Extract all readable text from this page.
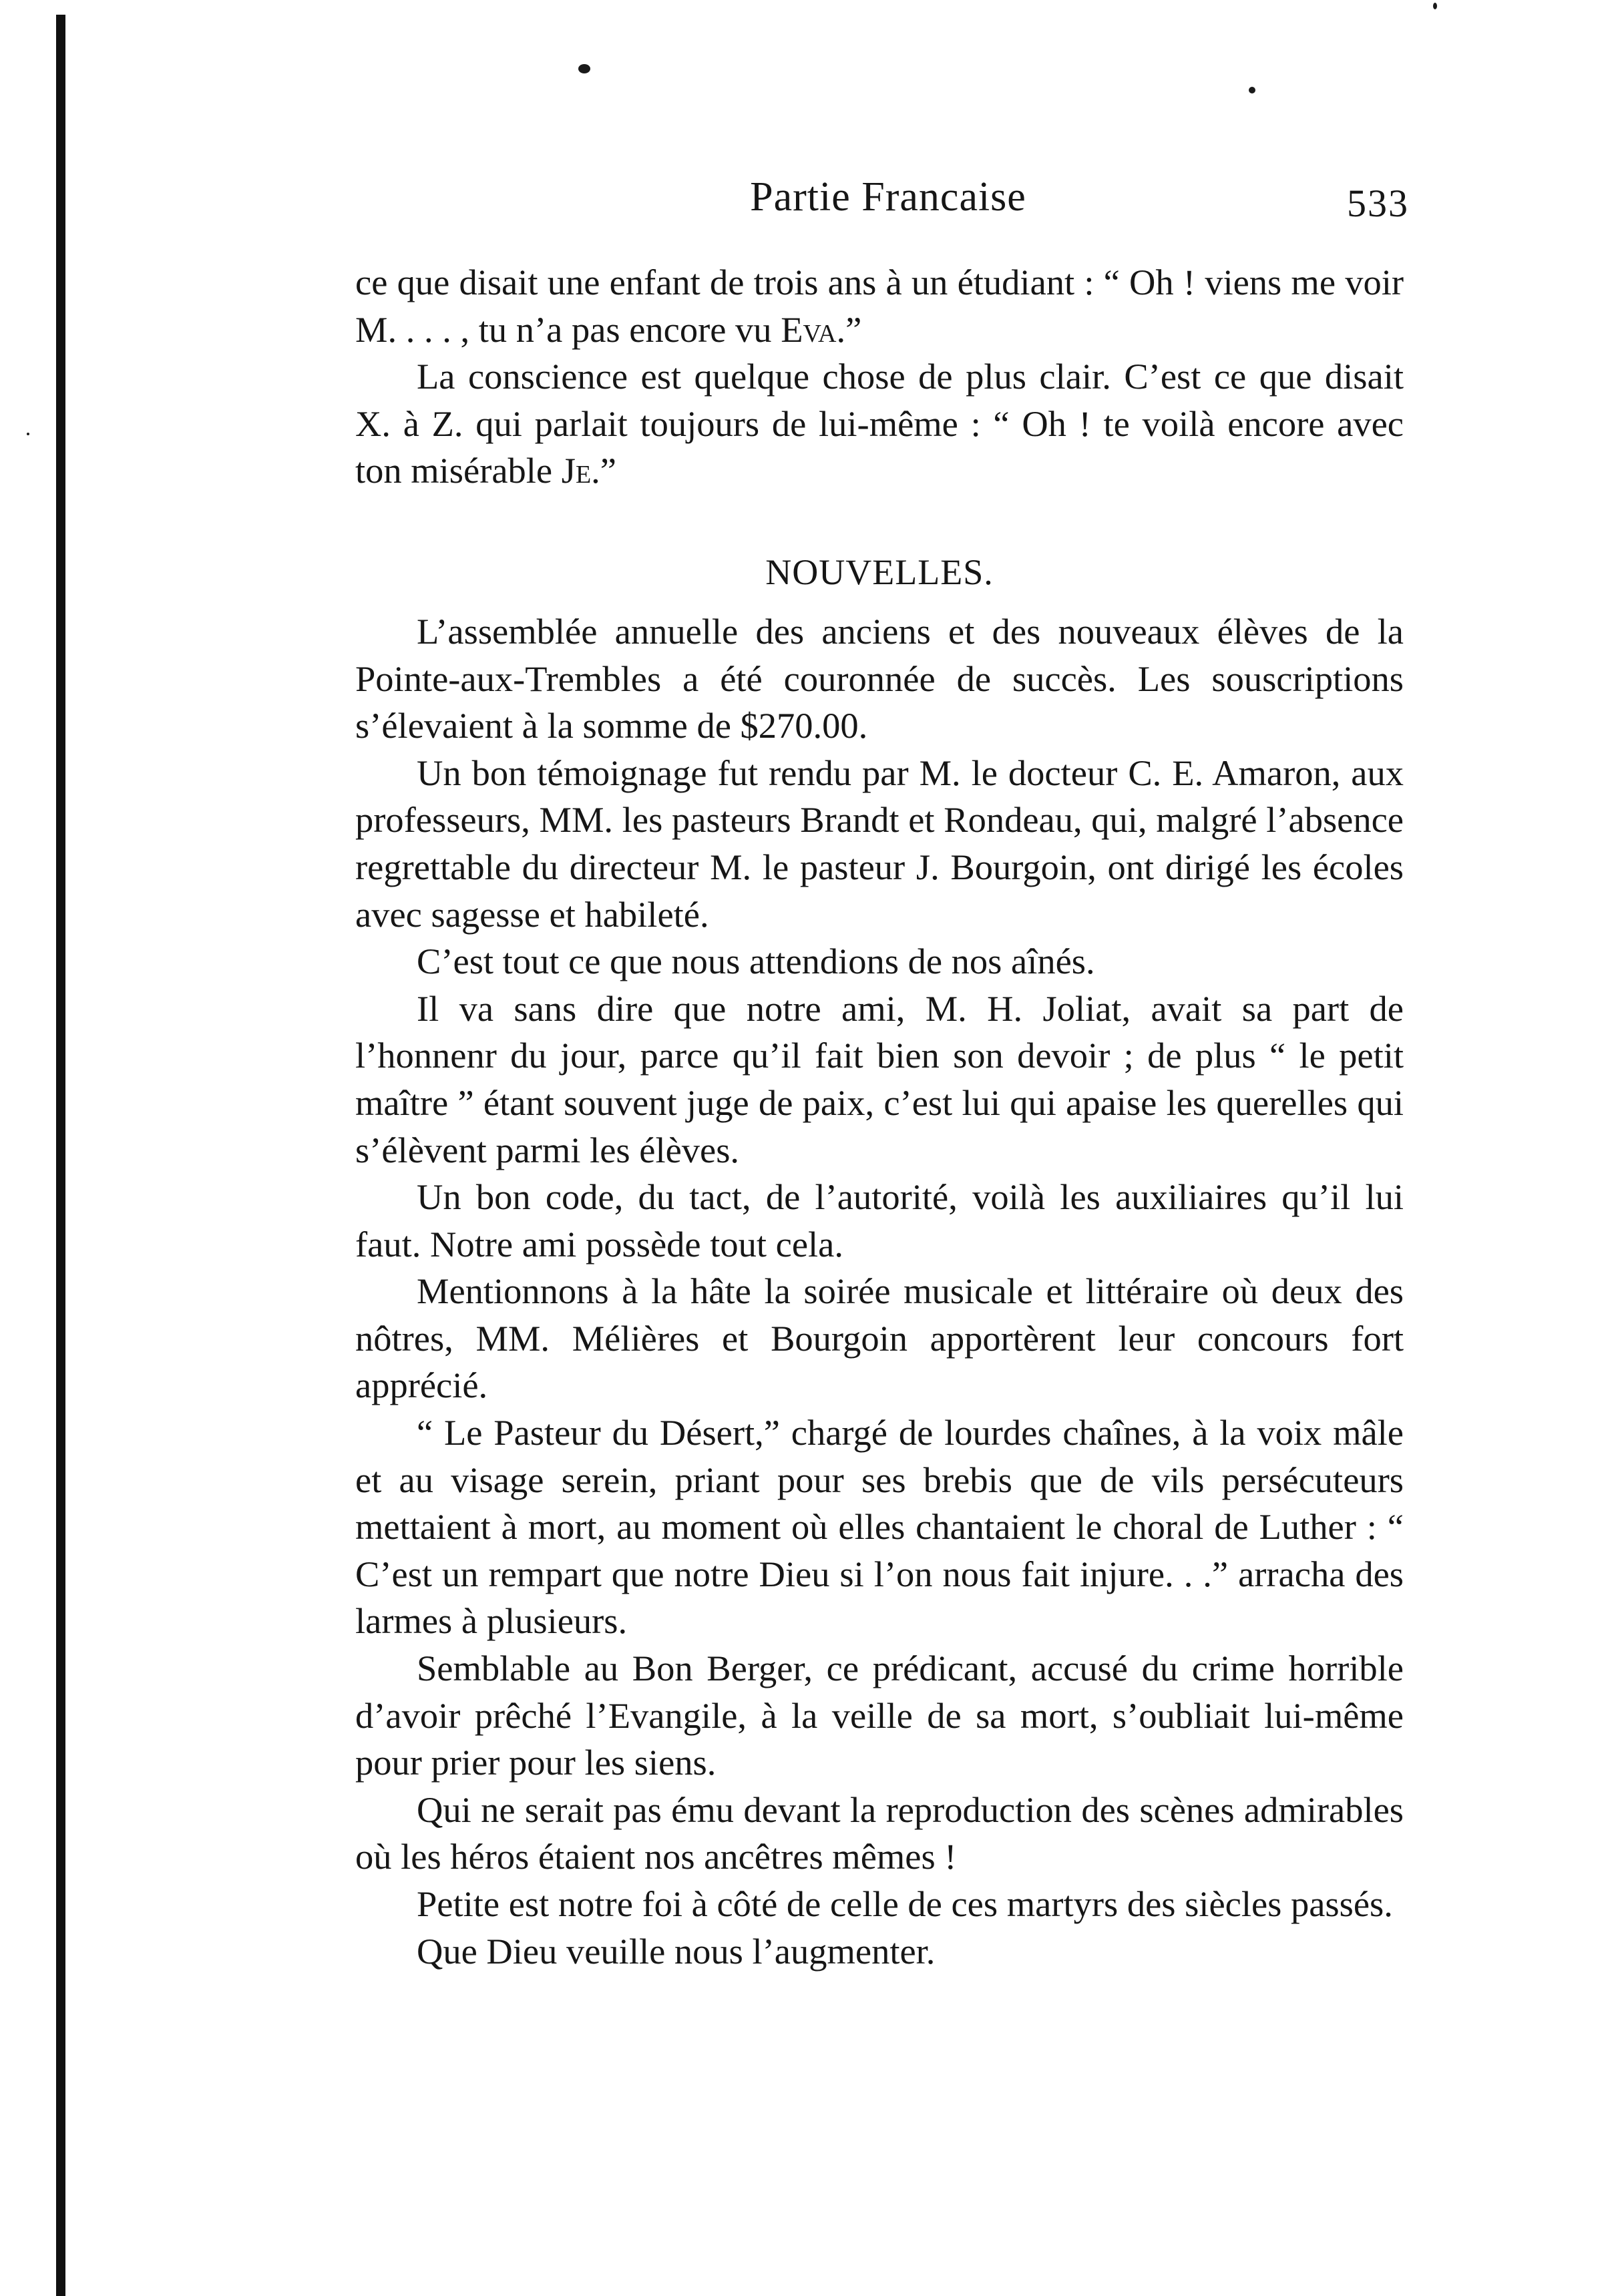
Partie Francaise	533

ce que disait une enfant de trois ans à un étudiant : “ Oh ! viens me voir M. . . . , tu n’a pas encore vu Eva.”

La conscience est quelque chose de plus clair. C’est ce que disait X. à Z. qui parlait toujours de lui-même : “ Oh ! te voilà encore avec ton misérable Je.”

NOUVELLES.

L’assemblée annuelle des anciens et des nouveaux élèves de la Pointe-aux-Trembles a été couronnée de succès. Les souscriptions s’élevaient à la somme de $270.00.

Un bon témoignage fut rendu par M. le docteur C. E. Amaron, aux professeurs, MM. les pasteurs Brandt et Rondeau, qui, malgré l’absence regrettable du directeur M. le pasteur J. Bourgoin, ont dirigé les écoles avec sagesse et habileté.

C’est tout ce que nous attendions de nos aînés.

Il va sans dire que notre ami, M. H. Joliat, avait sa part de l’honnenr du jour, parce qu’il fait bien son devoir ; de plus “ le petit maître ” étant souvent juge de paix, c’est lui qui apaise les querelles qui s’élèvent parmi les élèves.

Un bon code, du tact, de l’autorité, voilà les auxiliaires qu’il lui faut. Notre ami possède tout cela.

Mentionnons à la hâte la soirée musicale et littéraire où deux des nôtres, MM. Mélières et Bourgoin apportèrent leur concours fort apprécié.

“ Le Pasteur du Désert,” chargé de lourdes chaînes, à la voix mâle et au visage serein, priant pour ses brebis que de vils persécuteurs mettaient à mort, au moment où elles chantaient le choral de Luther : “ C’est un rempart que notre Dieu si l’on nous fait injure. . .” arracha des larmes à plusieurs.

Semblable au Bon Berger, ce prédicant, accusé du crime horrible d’avoir prêché l’Evangile, à la veille de sa mort, s’oubliait lui-même pour prier pour les siens.

Qui ne serait pas ému devant la reproduction des scènes admirables où les héros étaient nos ancêtres mêmes !

Petite est notre foi à côté de celle de ces martyrs des siècles passés.

Que Dieu veuille nous l’augmenter.
